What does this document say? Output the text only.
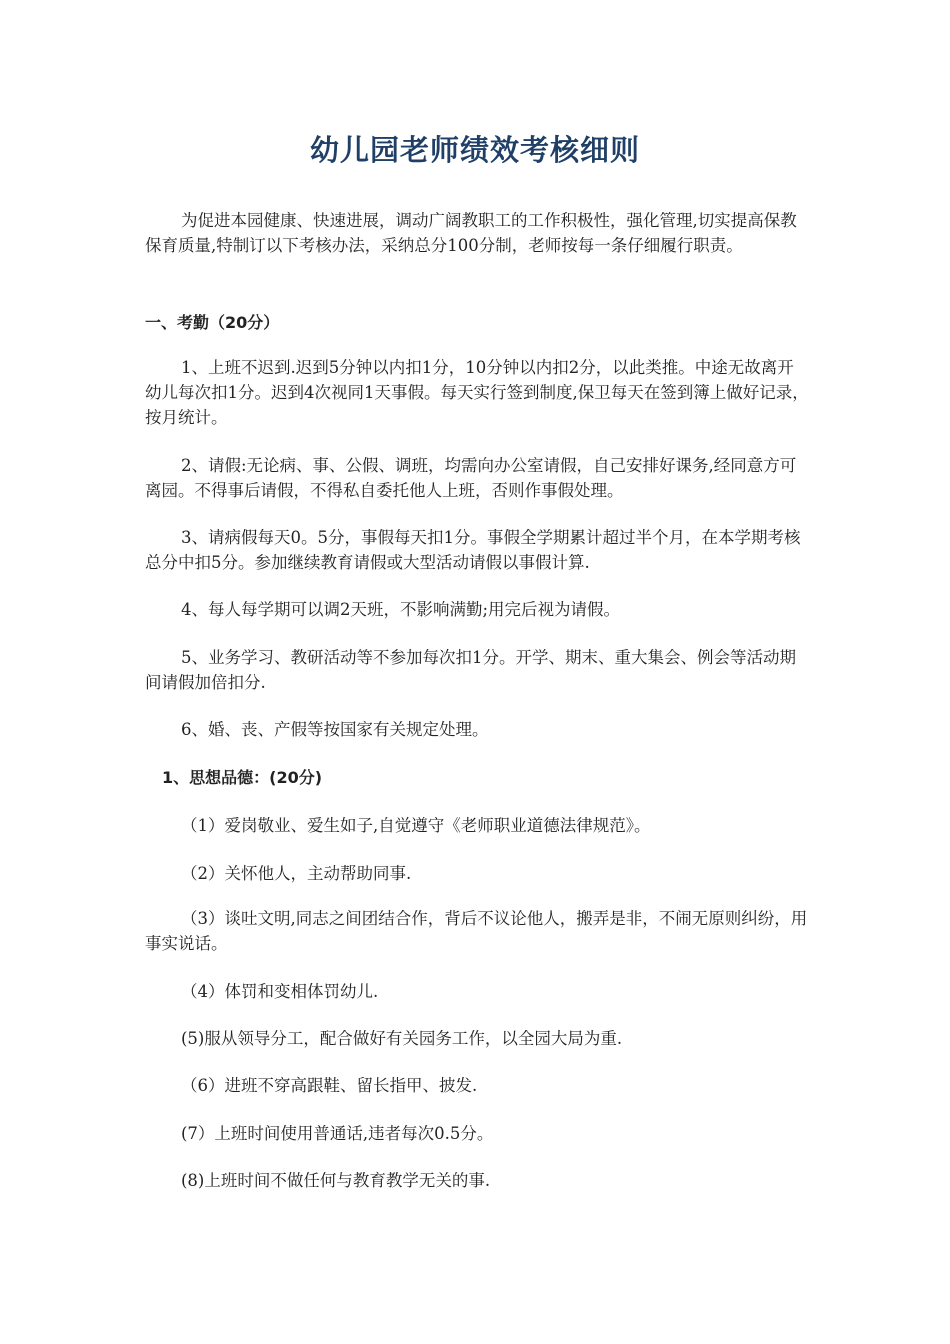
幼儿园老师绩效考核细则

为促进本园健康、快速进展，调动广阔教职工的工作积极性，强化管理,切实提高保教保育质量,特制订以下考核办法，采纳总分100分制，老师按每一条仔细履行职责。

一、考勤（20分）

1、上班不迟到.迟到5分钟以内扣1分，10分钟以内扣2分，以此类推。中途无故离开幼儿每次扣1分。迟到4次视同1天事假。每天实行签到制度,保卫每天在签到簿上做好记录，按月统计。

2、请假:无论病、事、公假、调班，均需向办公室请假，自己安排好课务,经同意方可离园。不得事后请假，不得私自委托他人上班，否则作事假处理。

3、请病假每天0。5分，事假每天扣1分。事假全学期累计超过半个月，在本学期考核总分中扣5分。参加继续教育请假或大型活动请假以事假计算.

4、每人每学期可以调2天班，不影响满勤;用完后视为请假。

5、业务学习、教研活动等不参加每次扣1分。开学、期末、重大集会、例会等活动期间请假加倍扣分.

6、婚、丧、产假等按国家有关规定处理。

1、思想品德：(20分)
（1）爱岗敬业、爱生如子,自觉遵守《老师职业道德法律规范》。
（2）关怀他人，主动帮助同事.

（3）谈吐文明,同志之间团结合作，背后不议论他人，搬弄是非，不闹无原则纠纷，用事实说话。

（4）体罚和变相体罚幼儿.
(5)服从领导分工，配合做好有关园务工作，以全园大局为重.
（6）进班不穿高跟鞋、留长指甲、披发.
(7）上班时间使用普通话,违者每次0.5分。
(8)上班时间不做任何与教育教学无关的事.
